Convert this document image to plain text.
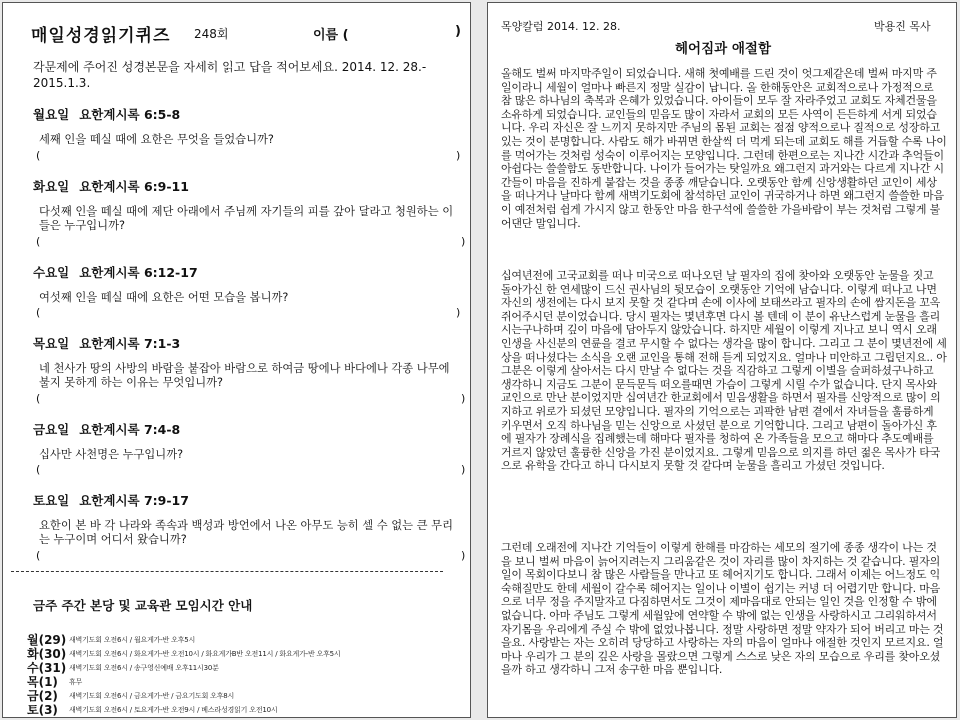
매일성경읽기퀴즈 248회	이름 (	)
각문제에 주어진 성경본문을 자세히 읽고 답을 적어보세요. 2014. 12. 28.- 2015.1.3.
월요일 요한계시록 6:5-8
세째 인을 떼실 때에 요한은 무엇을 들었습니까?
(	)
화요일 요한계시록 6:9-11
다섯째 인을 떼실 때에 제단 아래에서 주님께 자기들의 피를 갚아 달라고 청원하는 이들은 누구입니까?
(	)
수요일 요한계시록 6:12-17
여섯째 인을 떼실 때에 요한은 어떤 모습을 봅니까?
(	)
목요일 요한계시록 7:1-3
네 천사가 땅의 사방의 바람을 붙잡아 바람으로 하여금 땅에나 바다에나 각종 나무에 불지 못하게 하는 이유는 무엇입니까?
(	)
금요일 요한계시록 7:4-8
십사만 사천명은 누구입니까?
(	)
토요일 요한계시록 7:9-17
요한이 본 바 각 나라와 족속과 백성과 방언에서 나온 아무도 능히 셀 수 없는 큰 무리는 누구이며 어디서 왔습니까?
(	)
금주 주간 본당 및 교육관 모임시간 안내
월(29) 새벽기도회 오전6시 / 월요게가-반 오후5시
화(30) 새벽기도회 오전6시 / 화요게가-반 오전10시 / 화요게가B반 오전11시 / 화요게가-반 오후5시
수(31) 새벽기도회 오전6시 / 송구영신예배 오후11시30분
목(1) 휴무
금(2) 새벽기도회 오전6시 / 금요게가-반 / 금요기도회 오후8시
토(3) 새벽기도회 오전6시 / 토요게가-반 오전9시 / 베스라성경읽기 오전10시
목양칼럼 2014. 12. 28.	박용진 목사
헤어짐과 애절함

올해도 벌써 마지막주일이 되었습니다. 새해 첫예배를 드린 것이 엇그제같은데 벌써 마지막 주일이라니 세월이 얼마나 빠른지 정말 실감이 납니다. 올 한해동안은 교회적으로나 가정적으로 참 많은 하나님의 축복과 은혜가 있었습니다. 아이들이 모두 잘 자라주었고 교회도 자체건물을 소유하게 되었습니다. 교인들의 믿음도 많이 자라서 교회의 모든 사역이 든든하게 서게 되었습니다. 우리 자신은 잘 느끼지 못하지만 주님의 몸된 교회는 점점 양적으로나 질적으로 성장하고 있는 것이 분명합니다. 사람도 해가 바뀌면 한살씩 더 먹게 되는데 교회도 해를 거듭할 수록 나이를 먹어가는 것처럼 성숙이 이루어지는 모양입니다. 그런데 한편으로는 지나간 시간과 추억들이 아쉽다는 쓸쓸함도 동반합니다. 나이가 들어가는 탓일까요 왜그런지 과거와는 다르게 지나간 시간들이 마음을 진하게 붙잡는 것을 종종 깨닫습니다. 오랫동안 함께 신앙생활하던 교인이 세상을 떠나거나 날마다 함께 새벽기도회에 참석하던 교인이 귀국하거나 하면 왜그런지 쓸쓸한 마음이 예전처럼 쉽게 가시지 않고 한동안 마음 한구석에 쓸쓸한 가을바람이 부는 것처럼 그렇게 불어댄단 말입니다.

십여년전에 고국교회를 떠나 미국으로 떠나오던 날 필자의 집에 찾아와 오랫동안 눈물을 짓고 돌아가신 한 연세많이 드신 권사님의 뒷모습이 오랫동안 기억에 남습니다. 이렇게 떠나고 나면 자신의 생전에는 다시 보지 못할 것 같다며 손에 이사에 보태쓰라고 필자의 손에 쌈지돈을 꼬옥 쥐어주시던 분이었습니다. 당시 필자는 몇년후면 다시 볼 텐데 이 분이 유난스럽게 눈물을 흘리시는구나하며 깊이 마음에 담아두지 않았습니다. 하지만 세월이 이렇게 지나고 보니 역시 오래 인생을 사신분의 연륜을 결코 무시할 수 없다는 생각을 많이 합니다. 그리고 그 분이 몇년전에 세상을 떠나셨다는 소식을 오랜 교인을 통해 전해 듣게 되었지요. 얼마나 미안하고 그립던지요.. 아 그분은 이렇게 살아서는 다시 만날 수 없다는 것을 직감하고 그렇게 이별을 슬퍼하셨구나하고 생각하니 지금도 그분이 문득문득 떠오를때면 가슴이 그렇게 시릴 수가 없습니다. 단지 목사와 교인으로 만난 분이었지만 십여년간 한교회에서 믿음생활을 하면서 필자를 신앙적으로 많이 의지하고 위로가 되셨던 모양입니다. 필자의 기억으로는 괴팍한 남편 곁에서 자녀들을 훌륭하게 키우면서 오직 하나님을 믿는 신앙으로 사셨던 분으로 기억합니다. 그리고 남편이 돌아가신 후에 필자가 장례식을 집례했는데 해마다 필자를 청하여 온 가족들을 모으고 해마다 추도예배를 거르지 않았던 훌륭한 신앙을 가진 분이었지요. 그렇게 믿음으로 의지를 하던 젊은 목사가 타국으로 유학을 간다고 하니 다시보지 못할 것 같다며 눈물을 흘리고 가셨던 것입니다.

그런데 오래전에 지나간 기억들이 이렇게 한해를 마감하는 세모의 절기에 종종 생각이 나는 것을 보니 벌써 마음이 늙어지려는지 그리움같은 것이 자리를 많이 차지하는 것 같습니다. 필자의 일이 목회이다보니 참 많은 사람들을 만나고 또 헤어지기도 합니다. 그래서 이제는 어느정도 익숙해질만도 한데 세월이 갈수록 헤어지는 일이나 이별이 쉽기는 커녕 더 어렵기만 합니다. 마음으로 너무 정을 주지말자고 다짐하면서도 그것이 제마음대로 안되는 일인 것을 인정할 수 밖에 없습니다. 아마 주님도 그렇게 세월앞에 연약할 수 밖에 없는 인생을 사랑하시고 그리워하셔서 자기몸을 우리에게 주실 수 밖에 없었나봅니다. 정말 사랑하면 정말 약자가 되어 버리고 마는 것을요. 사랑받는 자는 오히려 당당하고 사랑하는 자의 마음이 얼마나 애절한 것인지 모르지요. 얼마나 우리가 그 분의 깊은 사랑을 몰랐으면 그렇게 스스로 낮은 자의 모습으로 우리를 찾아오셨을까 하고 생각하니 그저 송구한 마음 뿐입니다.
